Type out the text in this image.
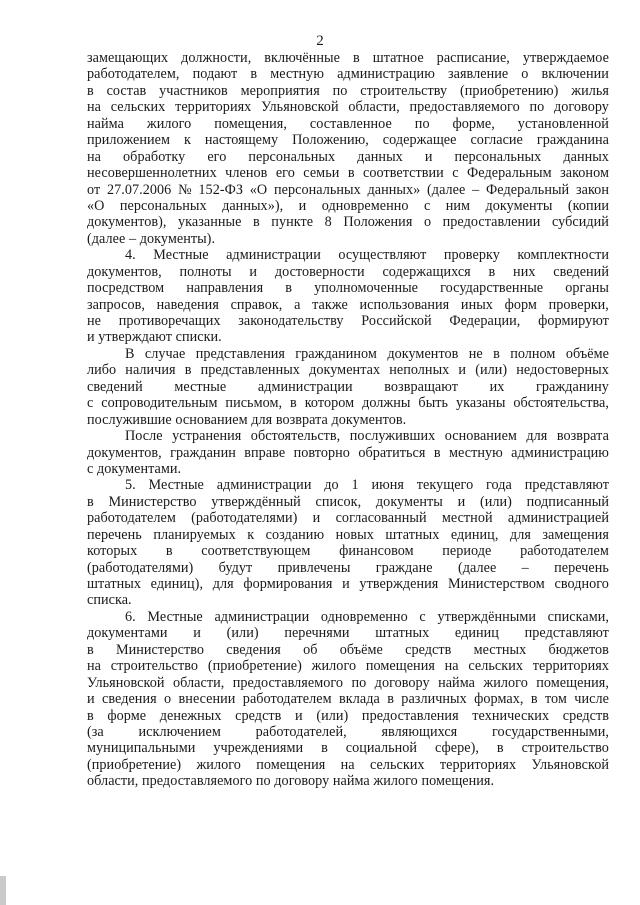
2
замещающих должности, включённые в штатное расписание, утверждаемое
работодателем, подают в местную администрацию заявление о включении
в состав участников мероприятия по строительству (приобретению) жилья
на сельских территориях Ульяновской области, предоставляемого по договору
найма жилого помещения, составленное по форме, установленной
приложением к настоящему Положению, содержащее согласие гражданина
на обработку его персональных данных и персональных данных
несовершеннолетних членов его семьи в соответствии с Федеральным законом
от 27.07.2006 № 152-ФЗ «О персональных данных» (далее – Федеральный закон
«О персональных данных»), и одновременно с ним документы (копии
документов), указанные в пункте 8 Положения о предоставлении субсидий
(далее
–
документы).
4. Местные администрации осуществляют проверку комплектности
документов, полноты и достоверности содержащихся в них сведений
посредством направления в уполномоченные государственные органы
запросов, наведения справок, а также использования иных форм проверки,
не противоречащих законодательству Российской Федерации, формируют
и
утверждают
списки.
В случае представления гражданином документов не в полном объёме
либо наличия в представленных документах неполных и (или) недостоверных
сведений местные администрации возвращают их гражданину
с сопроводительным письмом, в котором должны быть указаны обстоятельства,
послужившие
основанием
для
возврата
документов.
После устранения обстоятельств, послуживших основанием для возврата
документов, гражданин вправе повторно обратиться в местную администрацию
с
документами.
5. Местные администрации до 1 июня текущего года представляют
в Министерство утверждённый список, документы и (или) подписанный
работодателем (работодателями) и согласованный местной администрацией
перечень планируемых к созданию новых штатных единиц, для замещения
которых в соответствующем финансовом периоде работодателем
(работодателями) будут привлечены граждане (далее – перечень
штатных единиц), для формирования и утверждения Министерством сводного
списка.
6. Местные администрации одновременно с утверждёнными списками,
документами и (или) перечнями штатных единиц представляют
в Министерство сведения об объёме средств местных бюджетов
на строительство (приобретение) жилого помещения на сельских территориях
Ульяновской области, предоставляемого по договору найма жилого помещения,
и сведения о внесении работодателем вклада в различных формах, в том числе
в форме денежных средств и (или) предоставления технических средств
(за исключением работодателей, являющихся государственными,
муниципальными учреждениями в социальной сфере), в строительство
(приобретение) жилого помещения на сельских территориях Ульяновской
области,
предоставляемого
по
договору
найма
жилого
помещения.
